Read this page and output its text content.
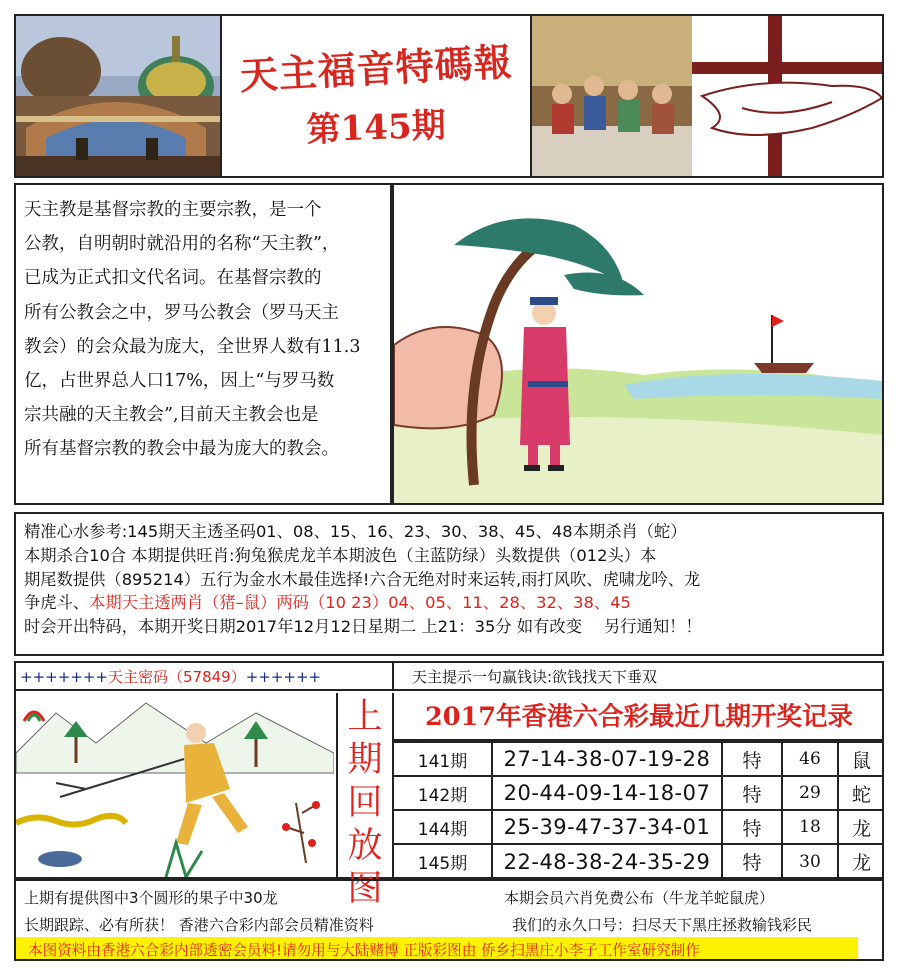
天主福音特碼報
第145期
天主教是基督宗教的主要宗教，是一个
公教，自明朝时就沿用的名称“天主教”，
已成为正式扣文代名词。在基督宗教的
所有公教会之中，罗马公教会（罗马天主
教会）的会众最为庞大，全世界人数有11.3
亿，占世界总人口17%，因上“与罗马数
宗共融的天主教会”,目前天主教会也是
所有基督宗教的教会中最为庞大的教会。
精准心水参考:145期天主透圣码01、08、15、16、23、30、38、45、48本期杀肖（蛇）
本期杀合10合 本期提供旺肖:狗兔猴虎龙羊本期波色（主蓝防绿）头数提供（012头）本
期尾数提供（895214）五行为金水木最佳选择!六合无绝对时来运转,雨打风吹、虎啸龙吟、龙
争虎斗、本期天主透两肖（猪–鼠）两码（10 23）04、05、11、28、32、38、45
时会开出特码，本期开奖日期2017年12月12日星期二 上21：35分 如有改变 另行通知！！
+++++++天主密码（57849）++++++	天主提示一句赢钱诀:欲钱找天下垂双
上
期
回
放
图
2017年香港六合彩最近几期开奖记录
141期	27-14-38-07-19-28	特	46	鼠
142期	20-44-09-14-18-07	特	29	蛇
144期	25-39-47-37-34-01	特	18	龙
145期	22-48-38-24-35-29	特	30	龙
上期有提供图中3个圆形的果子中30龙	本期会员六肖免费公布（牛龙羊蛇鼠虎）
长期跟踪、必有所获！ 香港六合彩内部会员精准资料	我们的永久口号：扫尽天下黑庄拯救输钱彩民
本图资料由香港六合彩内部透密会员料!请勿用与大陆赌博 正版彩图由 侨乡扫黑庄小李子工作室研究制作
